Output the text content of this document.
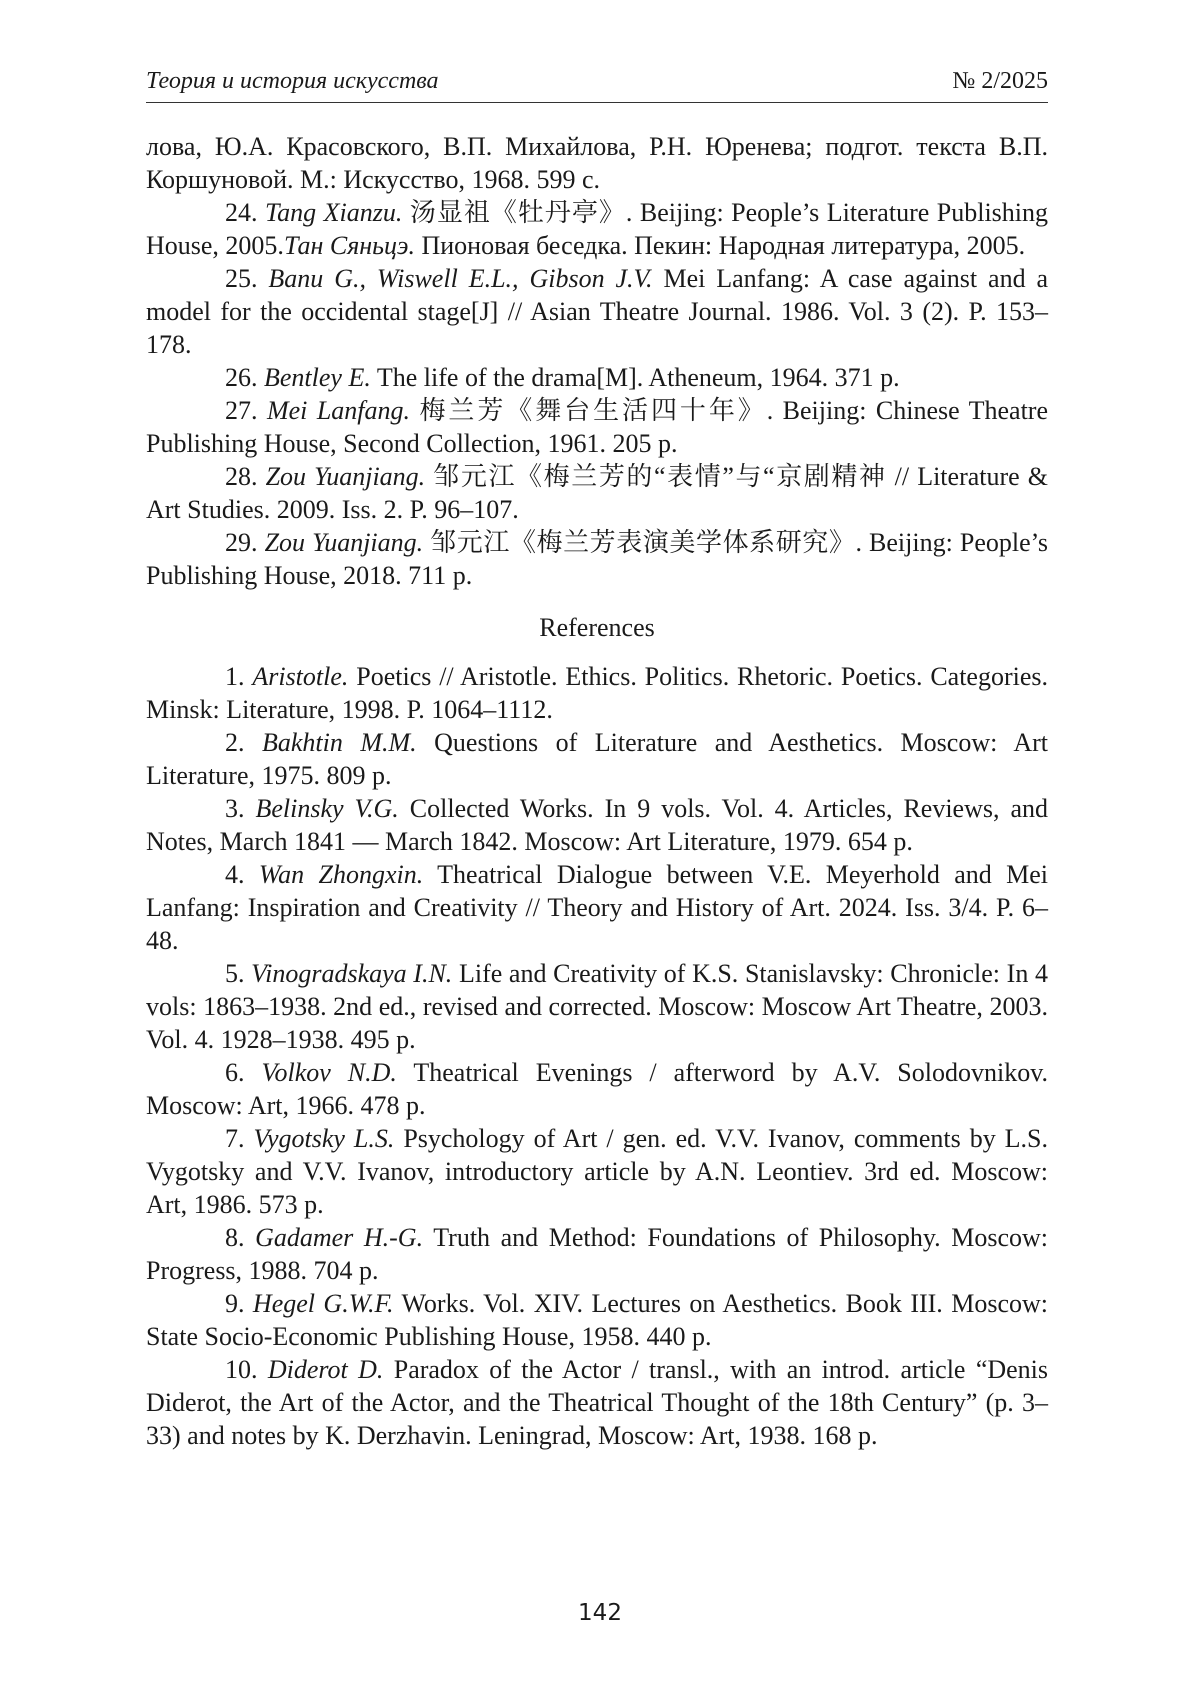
Теория и история искусства	№ 2/2025

лова, Ю.А. Красовского, В.П. Михайлова, Р.Н. Юренева; подгот. текста В.П. Коршуновой. М.: Искусство, 1968. 599 с.

24. Tang Xianzu. 汤显祖《牡丹亭》. Beijing: People’s Literature Publishing House, 2005.Тан Сяньцэ. Пионовая беседка. Пекин: Народная литература, 2005.

25. Banu G., Wiswell E.L., Gibson J.V. Mei Lanfang: A case against and a model for the occidental stage[J] // Asian Theatre Journal. 1986. Vol. 3 (2). P. 153–178.

26. Bentley E. The life of the drama[M]. Atheneum, 1964. 371 p.

27. Mei Lanfang. 梅兰芳《舞台生活四十年》. Beijing: Chinese Theatre Publishing House, Second Collection, 1961. 205 p.

28. Zou Yuanjiang. 邹元江《梅兰芳的“表情”与“京剧精神 // Literature & Art Studies. 2009. Iss. 2. P. 96–107.

29. Zou Yuanjiang. 邹元江《梅兰芳表演美学体系研究》. Beijing: People’s Publishing House, 2018. 711 p.

References

1. Aristotle. Poetics // Aristotle. Ethics. Politics. Rhetoric. Poetics. Categories. Minsk: Literature, 1998. P. 1064–1112.

2. Bakhtin M.M. Questions of Literature and Aesthetics. Moscow: Art Literature, 1975. 809 p.

3. Belinsky V.G. Collected Works. In 9 vols. Vol. 4. Articles, Reviews, and Notes, March 1841 — March 1842. Moscow: Art Literature, 1979. 654 p.

4. Wan Zhongxin. Theatrical Dialogue between V.E. Meyerhold and Mei Lanfang: Inspiration and Creativity // Theory and History of Art. 2024. Iss. 3/4. P. 6–48.

5. Vinogradskaya I.N. Life and Creativity of K.S. Stanislavsky: Chronicle: In 4 vols: 1863–1938. 2nd ed., revised and corrected. Moscow: Moscow Art Theatre, 2003. Vol. 4. 1928–1938. 495 p.

6. Volkov N.D. Theatrical Evenings / afterword by A.V. Solodovnikov. Moscow: Art, 1966. 478 p.

7. Vygotsky L.S. Psychology of Art / gen. ed. V.V. Ivanov, comments by L.S. Vygotsky and V.V. Ivanov, introductory article by A.N. Leontiev. 3rd ed. Moscow: Art, 1986. 573 p.

8. Gadamer H.-G. Truth and Method: Foundations of Philosophy. Moscow: Progress, 1988. 704 p.

9. Hegel G.W.F. Works. Vol. XIV. Lectures on Aesthetics. Book III. Moscow: State Socio-Economic Publishing House, 1958. 440 p.

10. Diderot D. Paradox of the Actor / transl., with an introd. article “Denis Diderot, the Art of the Actor, and the Theatrical Thought of the 18th Century” (p. 3–33) and notes by K. Derzhavin. Leningrad, Moscow: Art, 1938. 168 p.

142
